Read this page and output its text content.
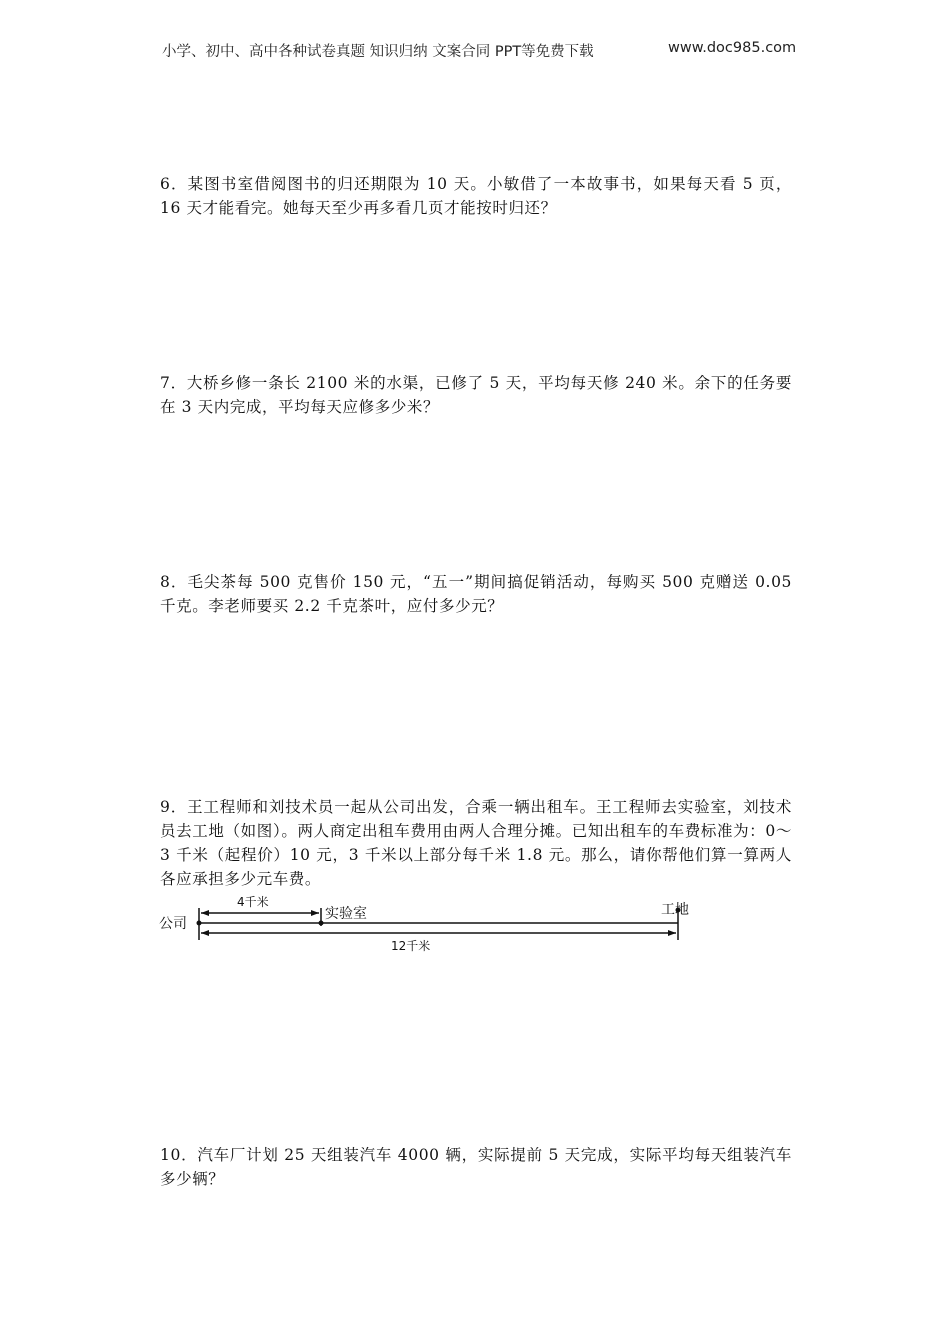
小学、初中、高中各种试卷真题 知识归纳 文案合同 PPT等免费下载	www.doc985.com
6．某图书室借阅图书的归还期限为 10 天。小敏借了一本故事书，如果每天看 5 页，16 天才能看完。她每天至少再多看几页才能按时归还？
7．大桥乡修一条长 2100 米的水渠，已修了 5 天，平均每天修 240 米。余下的任务要在 3 天内完成，平均每天应修多少米？
8．毛尖茶每 500 克售价 150 元，“五一”期间搞促销活动，每购买 500 克赠送 0.05 千克。李老师要买 2.2 千克茶叶，应付多少元？
9．王工程师和刘技术员一起从公司出发，合乘一辆出租车。王工程师去实验室，刘技术员去工地（如图）。两人商定出租车费用由两人合理分摊。已知出租车的车费标准为：0～3 千米（起程价）10 元，3 千米以上部分每千米 1.8 元。那么，请你帮他们算一算两人各应承担多少元车费。
公司
4千米
实验室	工地
12千米
10．汽车厂计划 25 天组装汽车 4000 辆，实际提前 5 天完成，实际平均每天组装汽车多少辆？
